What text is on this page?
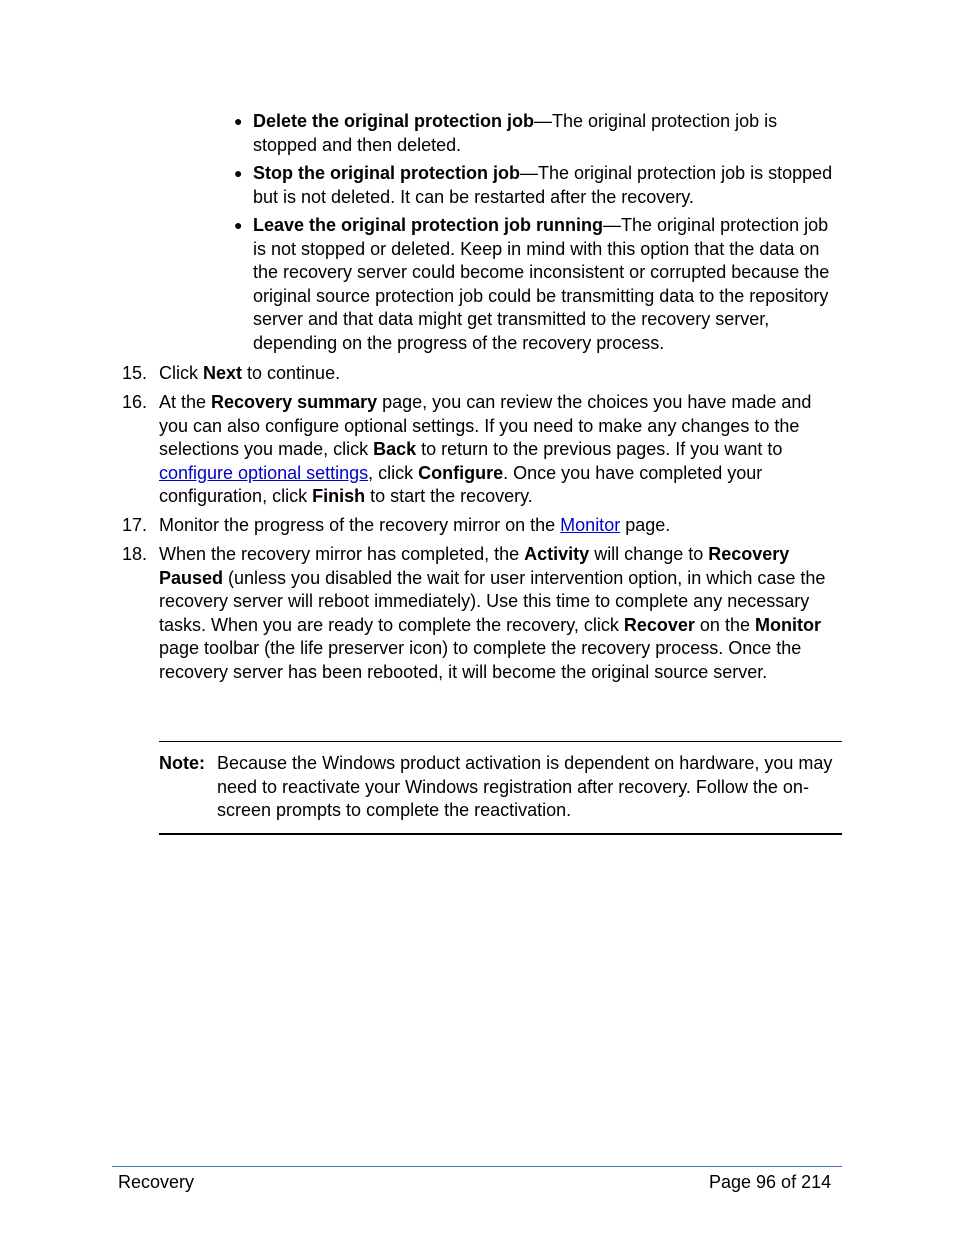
● Delete the original protection job—The original protection job is stopped and then deleted.
● Stop the original protection job—The original protection job is stopped but is not deleted. It can be restarted after the recovery.
● Leave the original protection job running—The original protection job is not stopped or deleted. Keep in mind with this option that the data on the recovery server could become inconsistent or corrupted because the original source protection job could be transmitting data to the repository server and that data might get transmitted to the recovery server, depending on the progress of the recovery process.
15. Click Next to continue.
16. At the Recovery summary page, you can review the choices you have made and you can also configure optional settings. If you need to make any changes to the selections you made, click Back to return to the previous pages. If you want to configure optional settings, click Configure. Once you have completed your configuration, click Finish to start the recovery.
17. Monitor the progress of the recovery mirror on the Monitor page.
18. When the recovery mirror has completed, the Activity will change to Recovery Paused (unless you disabled the wait for user intervention option, in which case the recovery server will reboot immediately). Use this time to complete any necessary tasks. When you are ready to complete the recovery, click Recover on the Monitor page toolbar (the life preserver icon) to complete the recovery process. Once the recovery server has been rebooted, it will become the original source server.
Note: Because the Windows product activation is dependent on hardware, you may need to reactivate your Windows registration after recovery. Follow the on-screen prompts to complete the reactivation.
Recovery	Page 96 of 214
